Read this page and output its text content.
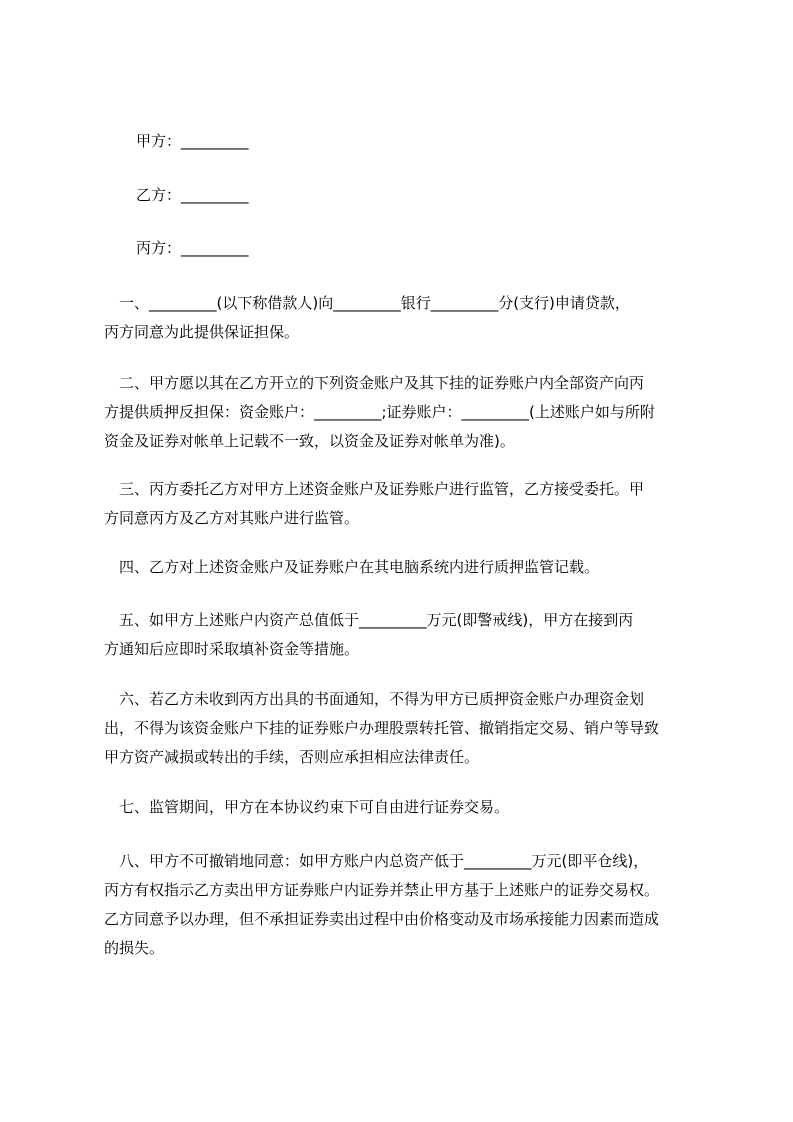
甲方：_________
乙方：_________
丙方：_________
　一、_________(以下称借款人)向_________银行_________分(支行)申请贷款，
丙方同意为此提供保证担保。
　二、甲方愿以其在乙方开立的下列资金账户及其下挂的证券账户内全部资产向丙
方提供质押反担保：资金账户：_________;证券账户：_________(上述账户如与所附
资金及证券对帐单上记载不一致，以资金及证券对帐单为准)。
　三、丙方委托乙方对甲方上述资金账户及证券账户进行监管，乙方接受委托。甲
方同意丙方及乙方对其账户进行监管。
　四、乙方对上述资金账户及证券账户在其电脑系统内进行质押监管记载。
　五、如甲方上述账户内资产总值低于_________万元(即警戒线)，甲方在接到丙
方通知后应即时采取填补资金等措施。
　六、若乙方未收到丙方出具的书面通知，不得为甲方已质押资金账户办理资金划
出，不得为该资金账户下挂的证券账户办理股票转托管、撤销指定交易、销户等导致
甲方资产减损或转出的手续，否则应承担相应法律责任。
　七、监管期间，甲方在本协议约束下可自由进行证券交易。
　八、甲方不可撤销地同意：如甲方账户内总资产低于_________万元(即平仓线)，
丙方有权指示乙方卖出甲方证券账户内证券并禁止甲方基于上述账户的证券交易权。
乙方同意予以办理，但不承担证券卖出过程中由价格变动及市场承接能力因素而造成
的损失。
